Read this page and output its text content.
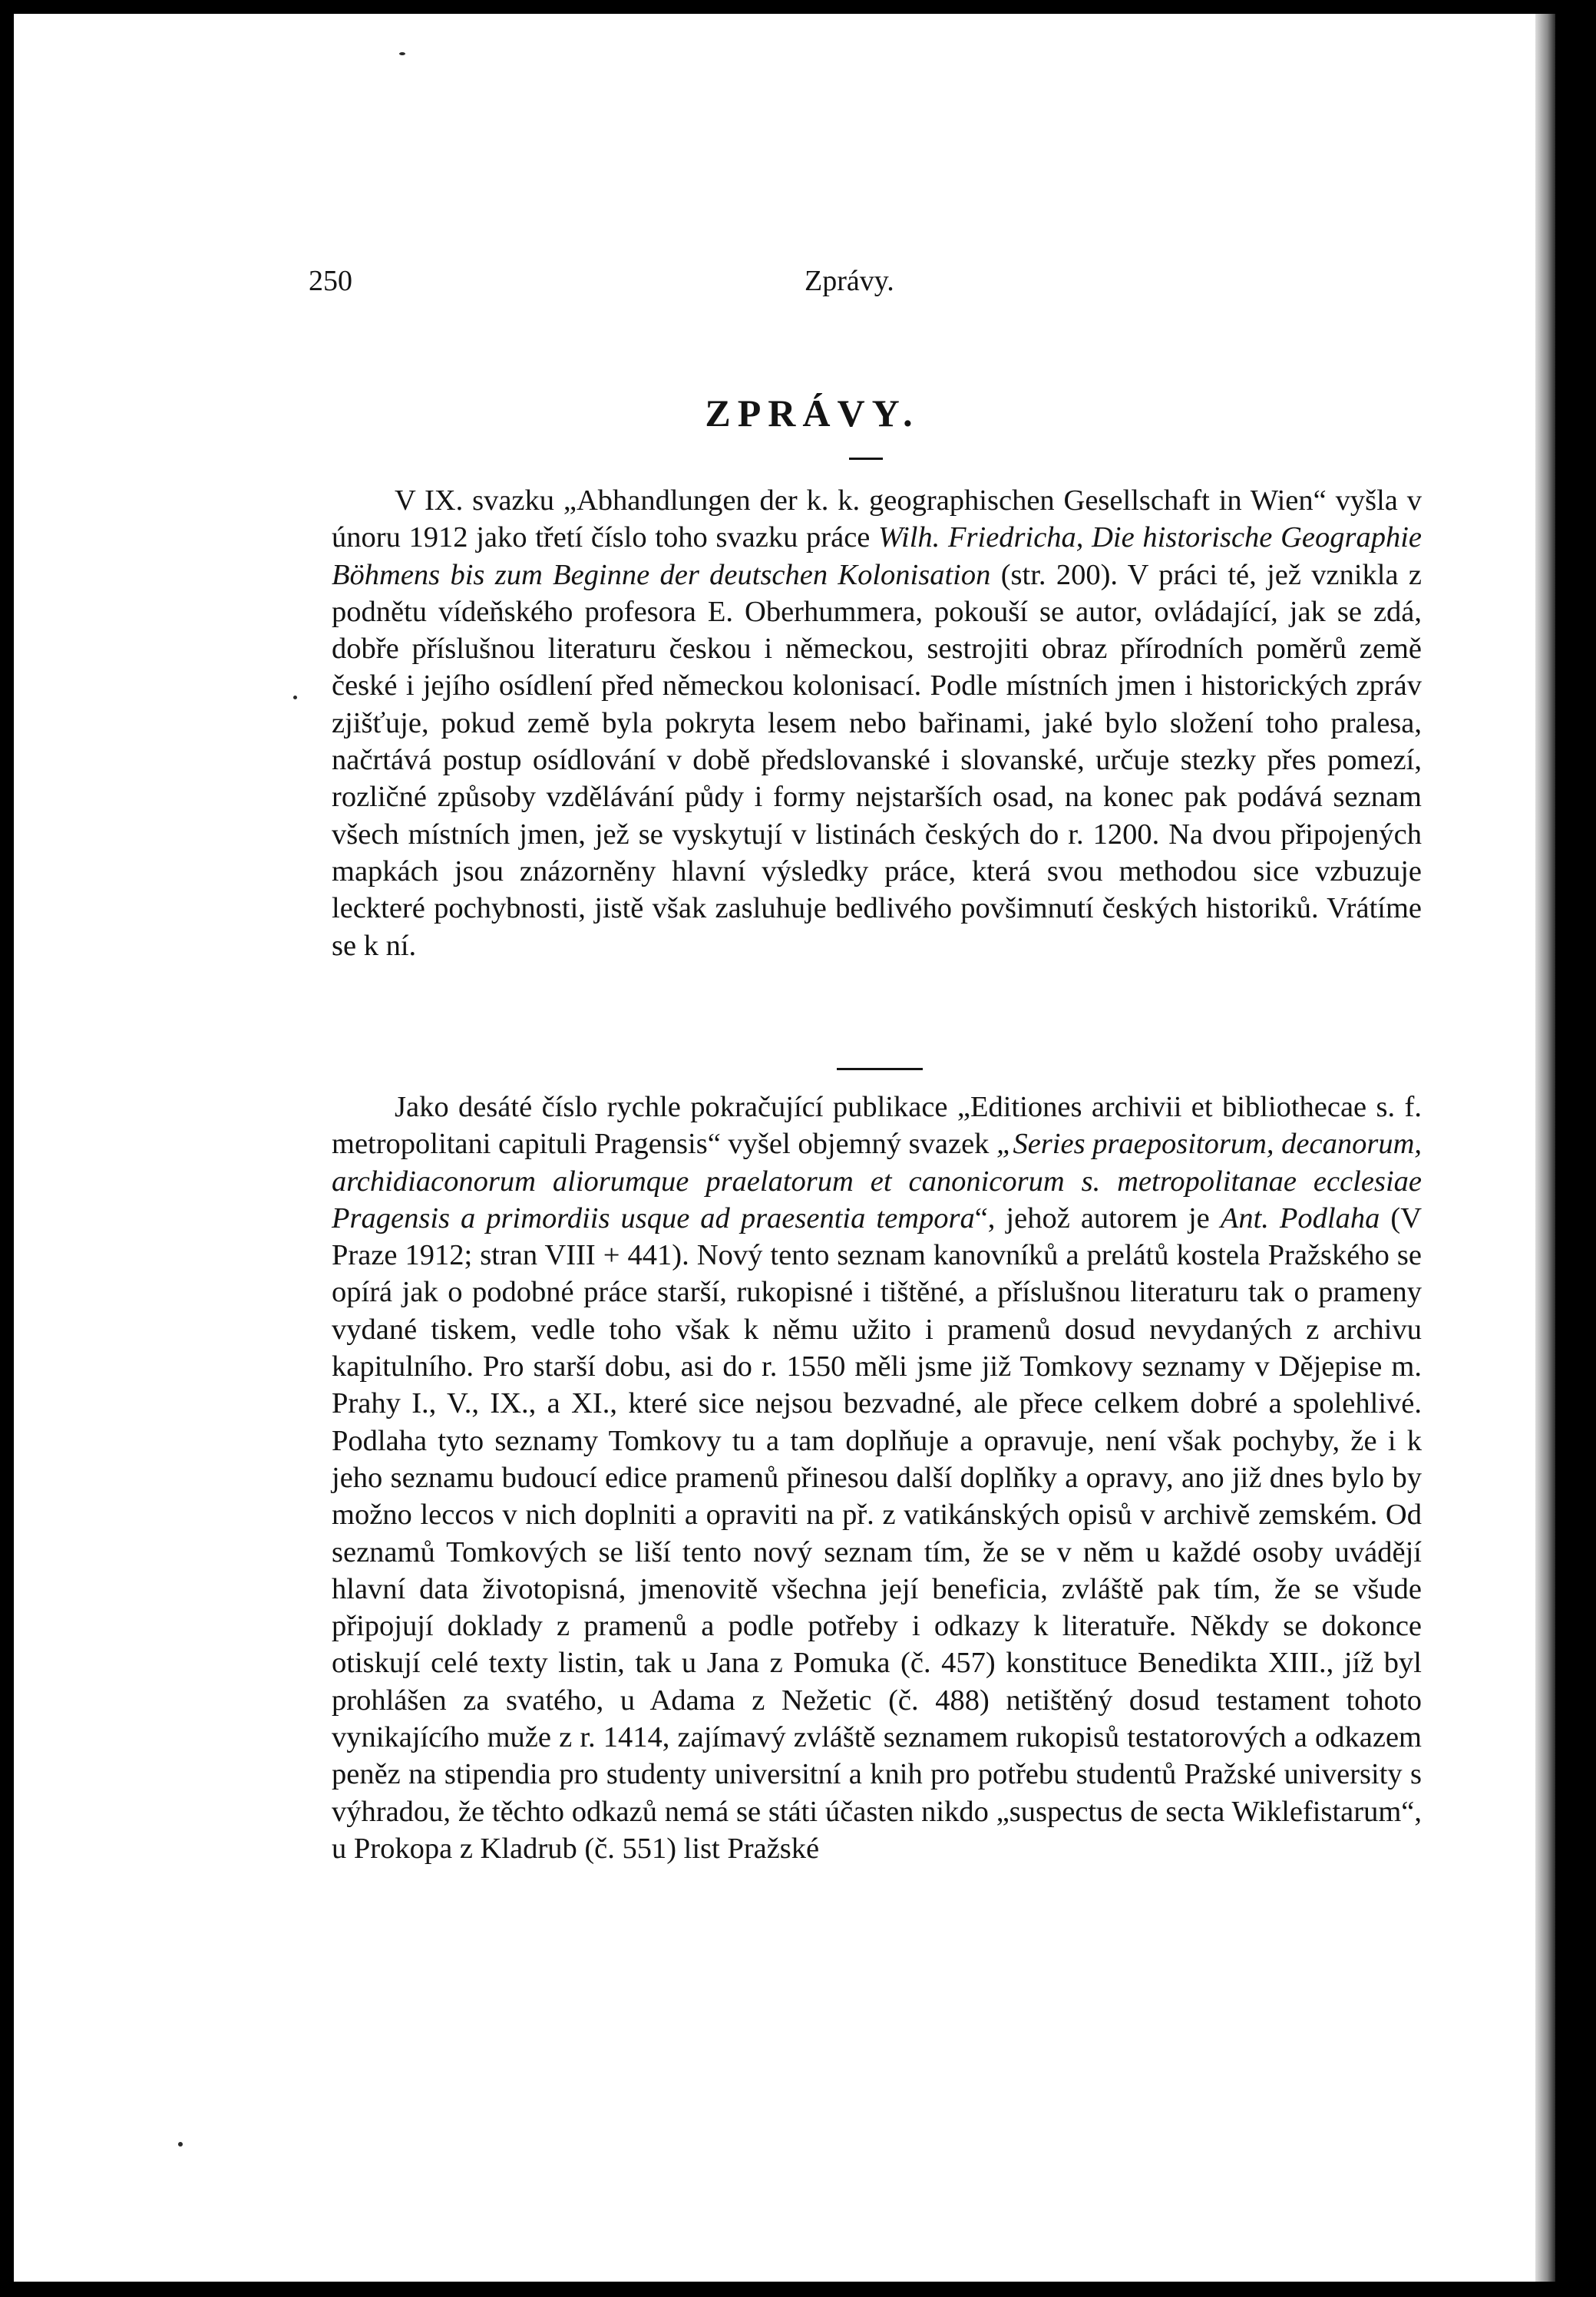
250	Zprávy.
ZPRÁVY.

V IX. svazku „Abhandlungen der k. k. geographischen Gesellschaft in Wien“ vyšla v únoru 1912 jako třetí číslo toho svazku práce Wilh. Friedricha, Die historische Geographie Böhmens bis zum Beginne der deutschen Kolonisation (str. 200). V práci té, jež vznikla z podnětu vídeňského profesora E. Oberhummera, pokouší se autor, ovládající, jak se zdá, dobře příslušnou literaturu českou i německou, sestrojiti obraz přírodních poměrů země české i jejího osídlení před německou kolonisací. Podle místních jmen i historických zpráv zjišťuje, pokud země byla pokryta lesem nebo bařinami, jaké bylo složení toho pralesa, načrtává postup osídlování v době předslovanské i slovanské, určuje stezky přes pomezí, rozličné způsoby vzdělávání půdy i formy nejstarších osad, na konec pak podává seznam všech místních jmen, jež se vyskytují v listinách českých do r. 1200. Na dvou připojených mapkách jsou znázorněny hlavní výsledky práce, která svou methodou sice vzbuzuje leckteré pochybnosti, jistě však zasluhuje bedlivého povšimnutí českých historiků. Vrátíme se k ní.

Jako desáté číslo rychle pokračující publikace „Editiones archivii et bibliothecae s. f. metropolitani capituli Pragensis“ vyšel objemný svazek „Series praepositorum, decanorum, archidiaconorum aliorumque praelatorum et canonicorum s. metropolitanae ecclesiae Pragensis a primordiis usque ad praesentia tempora“, jehož autorem je Ant. Podlaha (V Praze 1912; stran VIII + 441). Nový tento seznam kanovníků a prelátů kostela Pražského se opírá jak o podobné práce starší, rukopisné i tištěné, a příslušnou literaturu tak o prameny vydané tiskem, vedle toho však k němu užito i pramenů dosud nevydaných z archivu kapitulního. Pro starší dobu, asi do r. 1550 měli jsme již Tomkovy seznamy v Dějepise m. Prahy I., V., IX., a XI., které sice nejsou bezvadné, ale přece celkem dobré a spolehlivé. Podlaha tyto seznamy Tomkovy tu a tam doplňuje a opravuje, není však pochyby, že i k jeho seznamu budoucí edice pramenů přinesou další doplňky a opravy, ano již dnes bylo by možno leccos v nich doplniti a opraviti na př. z vatikánských opisů v archivě zemském. Od seznamů Tomkových se liší tento nový seznam tím, že se v něm u každé osoby uvádějí hlavní data životopisná, jmenovitě všechna její beneficia, zvláště pak tím, že se všude připojují doklady z pramenů a podle potřeby i odkazy k literatuře. Někdy se dokonce otiskují celé texty listin, tak u Jana z Pomuka (č. 457) konstituce Benedikta XIII., jíž byl prohlášen za svatého, u Adama z Nežetic (č. 488) netištěný dosud testament tohoto vynikajícího muže z r. 1414, zajímavý zvláště seznamem rukopisů testatorových a odkazem peněz na stipendia pro studenty universitní a knih pro potřebu studentů Pražské university s výhradou, že těchto odkazů nemá se státi účasten nikdo „suspectus de secta Wiklefistarum“, u Prokopa z Kladrub (č. 551) list Pražské
